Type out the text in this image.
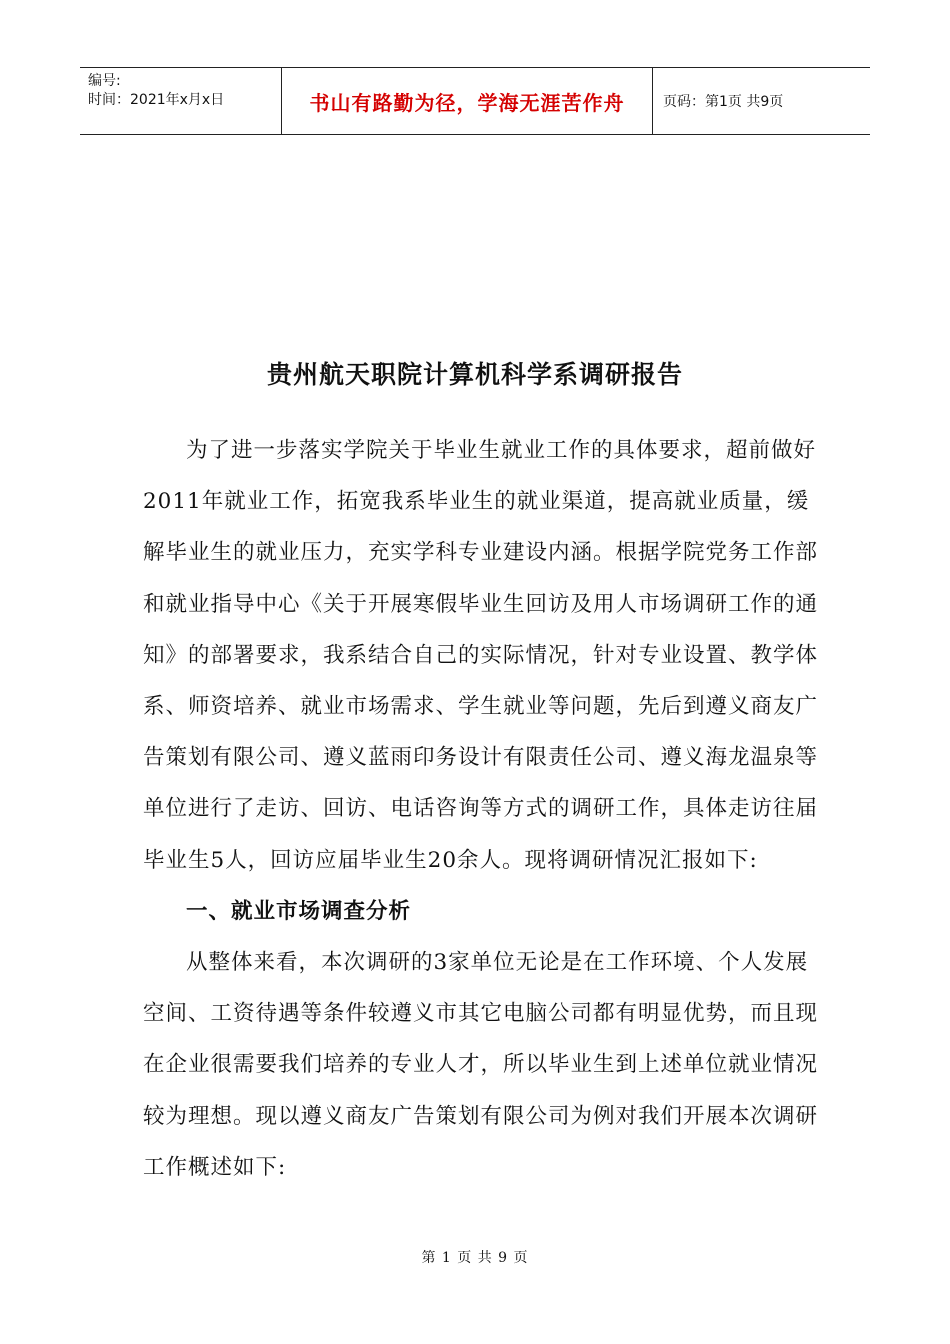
编号:
时间：2021年x月x日	书山有路勤为径，学海无涯苦作舟	页码：第1页 共9页
贵州航天职院计算机科学系调研报告

为了进一步落实学院关于毕业生就业工作的具体要求，超前做好2011年就业工作，拓宽我系毕业生的就业渠道，提高就业质量，缓解毕业生的就业压力，充实学科专业建设内涵。根据学院党务工作部和就业指导中心《关于开展寒假毕业生回访及用人市场调研工作的通知》的部署要求，我系结合自己的实际情况，针对专业设置、教学体系、师资培养、就业市场需求、学生就业等问题，先后到遵义商友广告策划有限公司、遵义蓝雨印务设计有限责任公司、遵义海龙温泉等单位进行了走访、回访、电话咨询等方式的调研工作，具体走访往届毕业生5人，回访应届毕业生20余人。现将调研情况汇报如下:

一、就业市场调查分析

从整体来看，本次调研的3家单位无论是在工作环境、个人发展空间、工资待遇等条件较遵义市其它电脑公司都有明显优势，而且现在企业很需要我们培养的专业人才，所以毕业生到上述单位就业情况较为理想。现以遵义商友广告策划有限公司为例对我们开展本次调研工作概述如下:

第 1 页 共 9 页
